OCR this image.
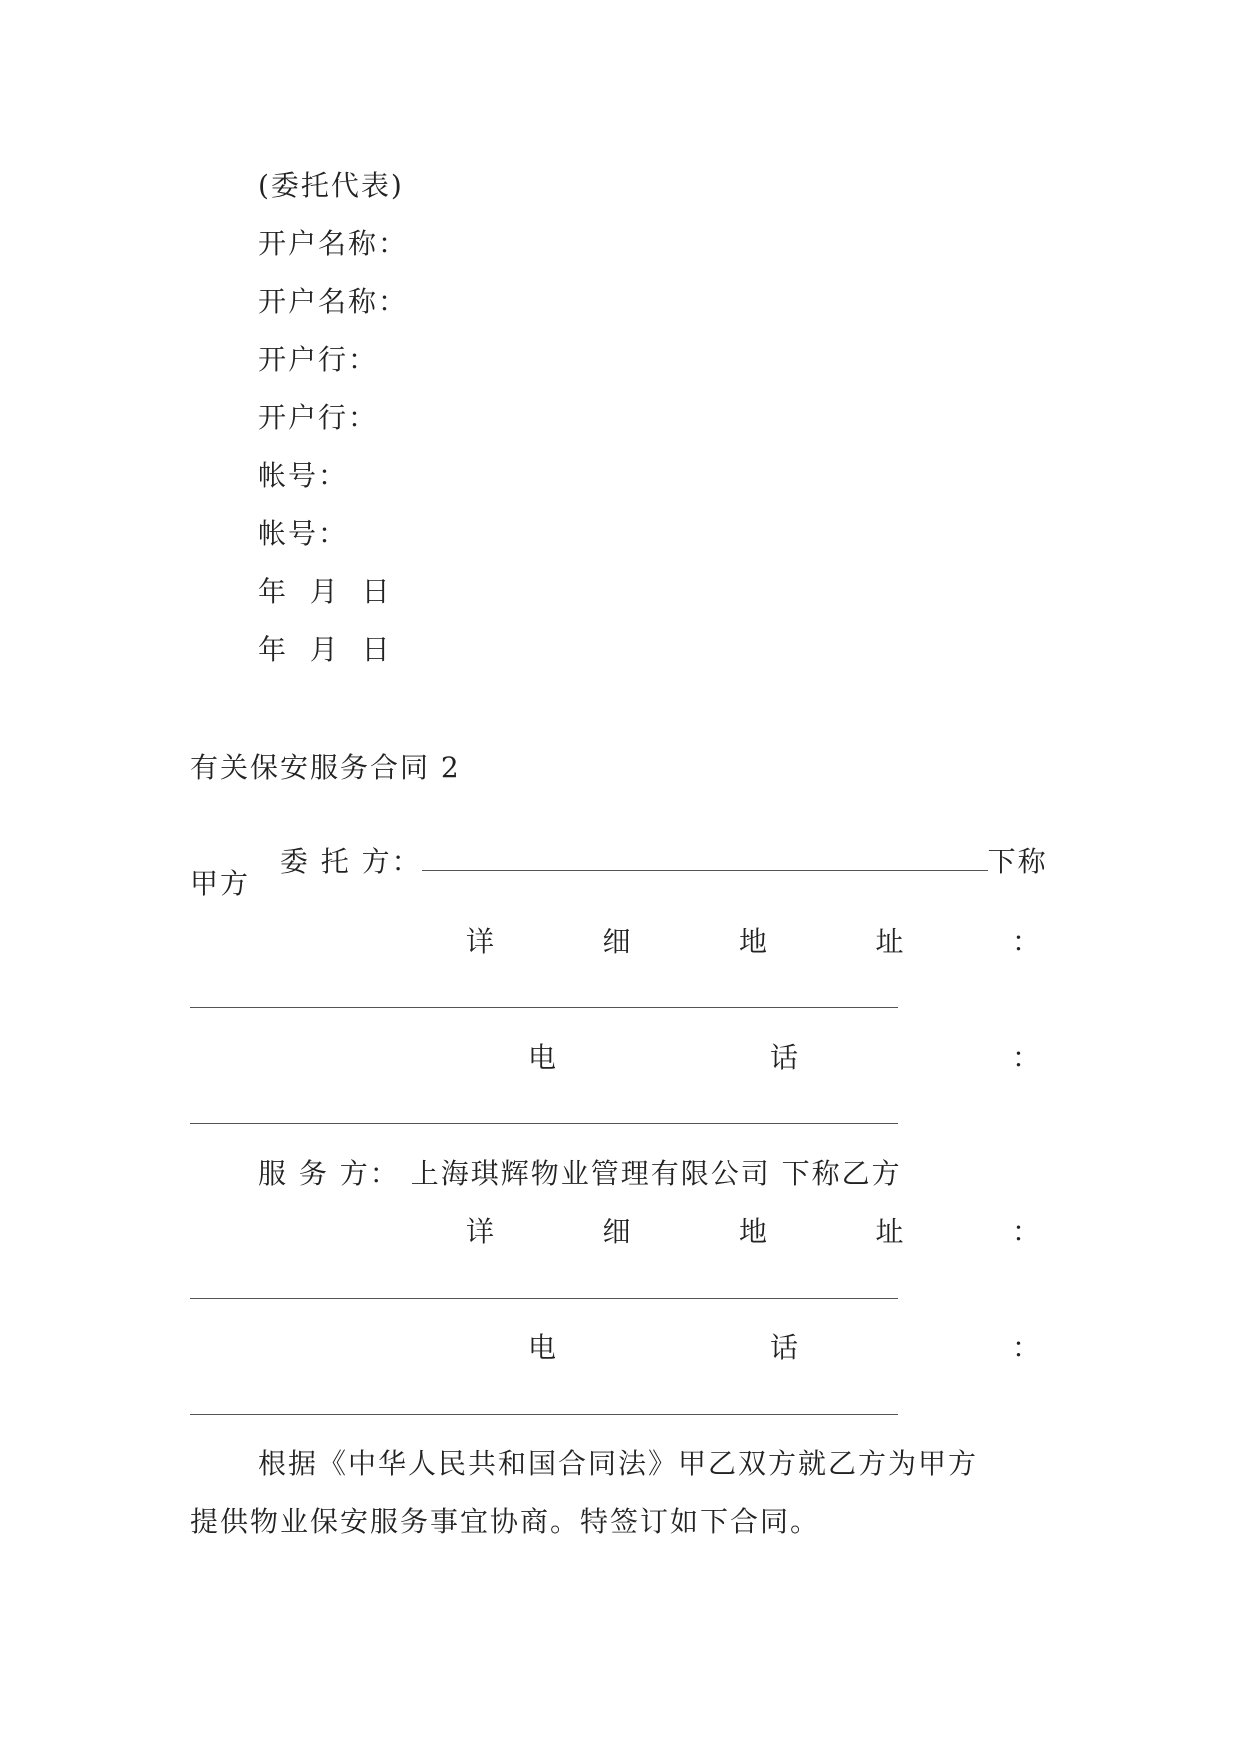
(委托代表)
开户名称：
开户名称：
开户行：
开户行：
帐号：
帐号：
年  月  日
年  月  日
有关保安服务合同 2

委 托 方：	下称

甲方
详	细	地	址	：
电	话	：
服 务 方： 上海琪辉物业管理有限公司 下称乙方
详	细	地	址	：
电	话	：
根据《中华人民共和国合同法》甲乙双方就乙方为甲方
提供物业保安服务事宜协商。特签订如下合同。
